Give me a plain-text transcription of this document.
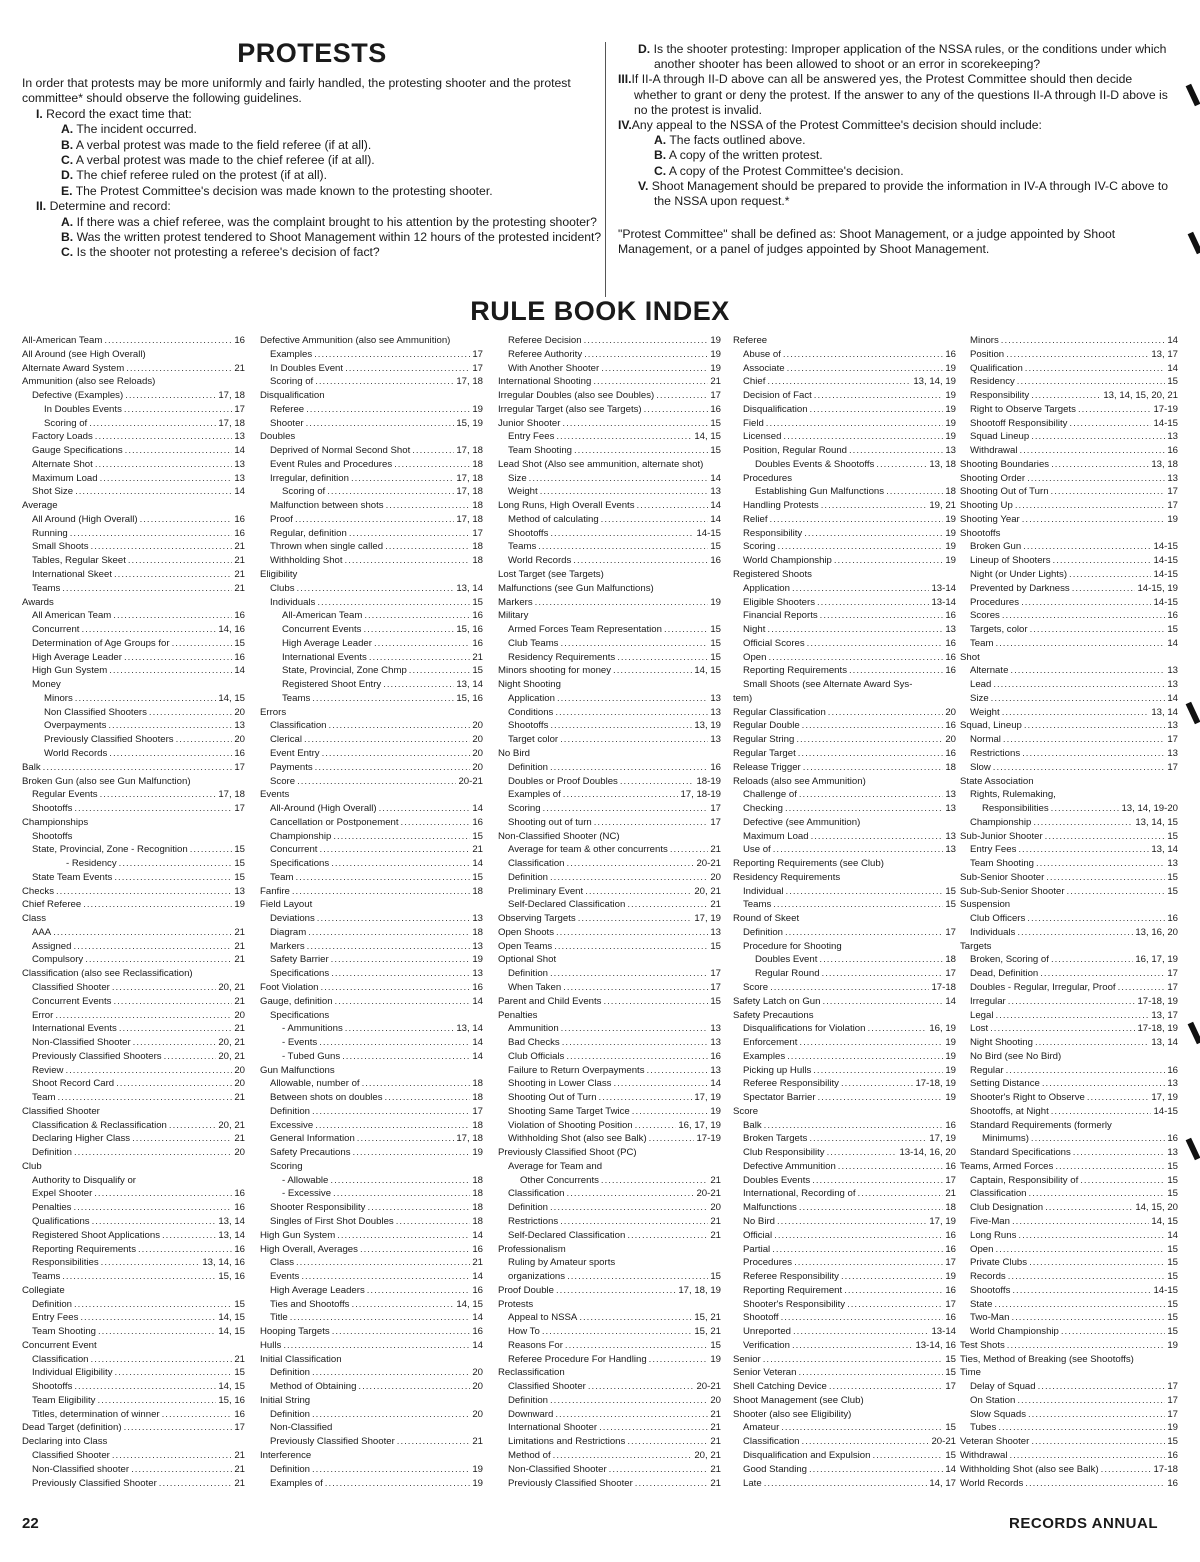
PROTESTS

In order that protests may be more uniformly and fairly handled, the protesting shooter and the protest committee* should observe the following guidelines.

I. Record the exact time that:
A. The incident occurred.
B. A verbal protest was made to the field referee (if at all).
C. A verbal protest was made to the chief referee (if at all).
D. The chief referee ruled on the protest (if at all).
E. The Protest Committee's decision was made known to the protesting shooter.
II. Determine and record:
A. If there was a chief referee, was the complaint brought to his attention by the protesting shooter?
B. Was the written protest tendered to Shoot Management within 12 hours of the protested incident?
C. Is the shooter not protesting a referee's decision of fact?

D. Is the shooter protesting: Improper application of the NSSA rules, or the conditions under which another shooter has been allowed to shoot or an error in scorekeeping?

III.If II-A through II-D above can all be answered yes, the Protest Committee should then decide whether to grant or deny the protest. If the answer to any of the questions II-A through II-D above is no the protest is invalid.

IV.Any appeal to the NSSA of the Protest Committee's decision should include:

A. The facts outlined above.

B. A copy of the written protest.

C. A copy of the Protest Committee's decision.

V. Shoot Management should be prepared to provide the information in IV-A through IV-C above to the NSSA upon request.*

"Protest Committee" shall be defined as: Shoot Management, or a judge appointed by Shoot Management, or a panel of judges appointed by Shoot Management.

RULE BOOK INDEX
All-American Team .....	16
All Around (see High Overall)
Alternate Award System .....	21
Ammunition (also see Reloads)
Defective (Examples) .....	17, 18
In Doubles Events .....	17
Scoring of .....	17, 18
Factory Loads .....	13
Gauge Specifications .....	14
Alternate Shot .....	13
Maximum Load .....	13
Shot Size .....	14
Average
All Around (High Overall) .....	16
Running .....	16
Small Shoots .....	21
Tables, Regular Skeet .....	21
International Skeet .....	21
Teams .....	21
Awards
All American Team .....	16
Concurrent .....	14, 16
Determination of Age Groups for .....	15
High Average Leader .....	16
High Gun System .....	14
Money
Minors .....	14, 15
Non Classified Shooters .....	20
Overpayments .....	13
Previously Classified Shooters .....	20
World Records .....	16
Balk .....	17
Broken Gun (also see Gun Malfunction)
Regular Events .....	17, 18
Shootoffs .....	17
Championships
Shootoffs
State, Provincial, Zone - Recognition .....	15
- Residency .....	15
State Team Events .....	15
Checks .....	13
Chief Referee .....	19
Class
AAA .....	21
Assigned .....	21
Compulsory .....	21
Classification (also see Reclassification)
Classified Shooter .....	20, 21
Concurrent Events .....	21
Error .....	20
International Events .....	21
Non-Classified Shooter .....	20, 21
Previously Classified Shooters .....	20, 21
Review .....	20
Shoot Record Card .....	20
Team .....	21
Classified Shooter
Classification & Reclassification .....	20, 21
Declaring Higher Class .....	21
Definition .....	20
Club
Authority to Disqualify or
Expel Shooter .....	16
Penalties .....	16
Qualifications .....	13, 14
Registered Shoot Applications .....	13, 14
Reporting Requirements .....	16
Responsibilities .....	13, 14, 16
Teams .....	15, 16
Collegiate
Definition .....	15
Entry Fees .....	14, 15
Team Shooting .....	14, 15
Concurrent Event
Classification .....	21
Individual Eligibility .....	15
Shootoffs .....	14, 15
Team Eligibility .....	15, 16
Titles, determination of winner .....	16
Dead Target (definition) .....	17
Declaring into Class
Classified Shooter .....	21
Non-Classified shooter .....	21
Previously Classified Shooter .....	21
Defective Ammunition (also see Ammunition)
Examples .....	17
In Doubles Event .....	17
Scoring of .....	17, 18
Disqualification
Referee .....	19
Shooter .....	15, 19
Doubles
Deprived of Normal Second Shot .....	17, 18
Event Rules and Procedures .....	18
Irregular, definition .....	17, 18
Scoring of .....	17, 18
Malfunction between shots .....	18
Proof .....	17, 18
Regular, definition .....	17
Thrown when single called .....	18
Withholding Shot .....	18
Eligibility
Clubs .....	13, 14
Individuals .....	15
All-American Team .....	16
Concurrent Events .....	15, 16
High Average Leader .....	16
International Events .....	21
State, Provincial, Zone Chmp .....	15
Registered Shoot Entry .....	13, 14
Teams .....	15, 16
Errors
Classification .....	20
Clerical .....	20
Event Entry .....	20
Payments .....	20
Score .....	20-21
Events
All-Around (High Overall) .....	14
Cancellation or Postponement .....	16
Championship .....	15
Concurrent .....	21
Specifications .....	14
Team .....	15
Fanfire .....	18
Field Layout
Deviations .....	13
Diagram .....	18
Markers .....	13
Safety Barrier .....	19
Specifications .....	13
Foot Violation .....	16
Gauge, definition .....	14
Specifications
- Ammunitions .....	13, 14
- Events .....	14
- Tubed Guns .....	14
Gun Malfunctions
Allowable, number of .....	18
Between shots on doubles .....	18
Definition .....	17
Excessive .....	18
General Information .....	17, 18
Safety Precautions .....	19
Scoring
- Allowable .....	18
- Excessive .....	18
Shooter Responsibility .....	18
Singles of First Shot Doubles .....	18
High Gun System .....	14
High Overall, Averages .....	16
Class .....	21
Events .....	14
High Average Leaders .....	16
Ties and Shootoffs .....	14, 15
Title .....	14
Hooping Targets .....	16
Hulls .....	14
Initial Classification
Definition .....	20
Method of Obtaining .....	20
Initial String
Definition .....	20
Non-Classified
Previously Classified Shooter .....	21
Interference
Definition .....	19
Examples of .....	19
Referee Decision .....	19
Referee Authority .....	19
With Another Shooter .....	19
International Shooting .....	21
Irregular Doubles (also see Doubles) .....	17
Irregular Target (also see Targets) .....	16
Junior Shooter .....	15
Entry Fees .....	14, 15
Team Shooting .....	15
Lead Shot (Also see ammunition, alternate shot)
Size .....	14
Weight .....	13
Long Runs, High Overall Events .....	14
Method of calculating .....	14
Shootoffs .....	14-15
Teams .....	15
World Records .....	16
Lost Target (see Targets)
Malfunctions (see Gun Malfunctions)
Markers .....	19
Military
Armed Forces Team Representation .....	15
Club Teams .....	15
Residency Requirements .....	15
Minors shooting for money .....	14, 15
Night Shooting
Application .....	13
Conditions .....	13
Shootoffs .....	13, 19
Target color .....	13
No Bird
Definition .....	16
Doubles or Proof Doubles .....	18-19
Examples of .....	17, 18-19
Scoring .....	17
Shooting out of turn .....	17
Non-Classified Shooter (NC)
Average for team & other concurrents .....	21
Classification .....	20-21
Definition .....	20
Preliminary Event .....	20, 21
Self-Declared Classification .....	21
Observing Targets .....	17, 19
Open Shoots .....	13
Open Teams .....	15
Optional Shot
Definition .....	17
When Taken .....	17
Parent and Child Events .....	15
Penalties
Ammunition .....	13
Bad Checks .....	13
Club Officials .....	16
Failure to Return Overpayments .....	13
Shooting in Lower Class .....	14
Shooting Out of Turn .....	17, 19
Shooting Same Target Twice .....	19
Violation of Shooting Position .....	16, 17, 19
Withholding Shot (also see Balk) .....	17-19
Previously Classified Shoot (PC)
Average for Team and
Other Concurrents .....	21
Classification .....	20-21
Definition .....	20
Restrictions .....	21
Self-Declared Classification .....	21
Professionalism
Ruling by Amateur sports
organizations .....	15
Proof Double .....	17, 18, 19
Protests
Appeal to NSSA .....	15, 21
How To .....	15, 21
Reasons For .....	15
Referee Procedure For Handling .....	19
Reclassification
Classified Shooter .....	20-21
Definition .....	20
Downward .....	21
International Shooter .....	21
Limitations and Restrictions .....	21
Method of .....	20, 21
Non-Classified Shooter .....	21
Previously Classified Shooter .....	21
Referee
Abuse of .....	16
Associate .....	19
Chief .....	13, 14, 19
Decision of Fact .....	19
Disqualification .....	19
Field .....	19
Licensed .....	19
Position, Regular Round .....	13
Doubles Events & Shootoffs .....	13, 18
Procedures
Establishing Gun Malfunctions .....	18
Handling Protests .....	19, 21
Relief .....	19
Responsibility .....	19
Scoring .....	19
World Championship .....	19
Registered Shoots
Application .....	13-14
Eligible Shooters .....	13-14
Financial Reports .....	16
Night .....	13
Official Scores .....	16
Open .....	16
Reporting Requirements .....	16
Small Shoots (see Alternate Award Sys-
tem)
Regular Classification .....	20
Regular Double .....	16
Regular String .....	20
Regular Target .....	16
Release Trigger .....	18
Reloads (also see Ammunition)
Challenge of .....	13
Checking .....	13
Defective (see Ammunition)
Maximum Load .....	13
Use of .....	13
Reporting Requirements (see Club)
Residency Requirements
Individual .....	15
Teams .....	15
Round of Skeet
Definition .....	17
Procedure for Shooting
Doubles Event .....	18
Regular Round .....	17
Score .....	17-18
Safety Latch on Gun .....	14
Safety Precautions
Disqualifications for Violation .....	16, 19
Enforcement .....	19
Examples .....	19
Picking up Hulls .....	19
Referee Responsibility .....	17-18, 19
Spectator Barrier .....	19
Score
Balk .....	16
Broken Targets .....	17, 19
Club Responsibility .....	13-14, 16, 20
Defective Ammunition .....	16
Doubles Events .....	17
International, Recording of .....	21
Malfunctions .....	18
No Bird .....	17, 19
Official .....	16
Partial .....	16
Procedures .....	17
Referee Responsibility .....	19
Reporting Requirement .....	16
Shooter's Responsibility .....	17
Shootoff .....	16
Unreported .....	13-14
Verification .....	13-14, 16
Senior .....	15
Senior Veteran .....	15
Shell Catching Device .....	17
Shoot Management (see Club)
Shooter (also see Eligibility)
Amateur .....	15
Classification .....	20-21
Disqualification and Expulsion .....	15
Good Standing .....	14
Late .....	14, 17
Minors .....	14
Position .....	13, 17
Qualification .....	14
Residency .....	15
Responsibility .....	13, 14, 15, 20, 21
Right to Observe Targets .....	17-19
Shootoff Responsibility .....	14-15
Squad Lineup .....	13
Withdrawal .....	16
Shooting Boundaries .....	13, 18
Shooting Order .....	13
Shooting Out of Turn .....	17
Shooting Up .....	17
Shooting Year .....	19
Shootoffs
Broken Gun .....	14-15
Lineup of Shooters .....	14-15
Night (or Under Lights) .....	14-15
Prevented by Darkness .....	14-15, 19
Procedures .....	14-15
Scores .....	16
Targets, color .....	15
Team .....	14
Shot
Alternate .....	13
Lead .....	13
Size .....	14
Weight .....	13, 14
Squad, Lineup .....	13
Normal .....	17
Restrictions .....	13
Slow .....	17
State Association
Rights, Rulemaking,
Responsibilities .....	13, 14, 19-20
Championship .....	13, 14, 15
Sub-Junior Shooter .....	15
Entry Fees .....	13, 14
Team Shooting .....	13
Sub-Senior Shooter .....	15
Sub-Sub-Senior Shooter .....	15
Suspension
Club Officers .....	16
Individuals .....	13, 16, 20
Targets
Broken, Scoring of .....	16, 17, 19
Dead, Definition .....	17
Doubles - Regular, Irregular, Proof .....	17
Irregular .....	17-18, 19
Legal .....	13, 17
Lost .....	17-18, 19
Night Shooting .....	13, 14
No Bird (see No Bird)
Regular .....	16
Setting Distance .....	13
Shooter's Right to Observe .....	17, 19
Shootoffs, at Night .....	14-15
Standard Requirements (formerly
Minimums) .....	16
Standard Specifications .....	13
Teams, Armed Forces .....	15
Captain, Responsibility of .....	15
Classification .....	15
Club Designation .....	14, 15, 20
Five-Man .....	14, 15
Long Runs .....	14
Open .....	15
Private Clubs .....	15
Records .....	15
Shootoffs .....	14-15
State .....	15
Two-Man .....	15
World Championship .....	15
Test Shots .....	19
Ties, Method of Breaking (see Shootoffs)
Time
Delay of Squad .....	17
On Station .....	17
Slow Squads .....	17
Tubes .....	19
Veteran Shooter .....	15
Withdrawal .....	16
Withholding Shot (also see Balk) .....	17-18
World Records .....	16
22	RECORDS ANNUAL
